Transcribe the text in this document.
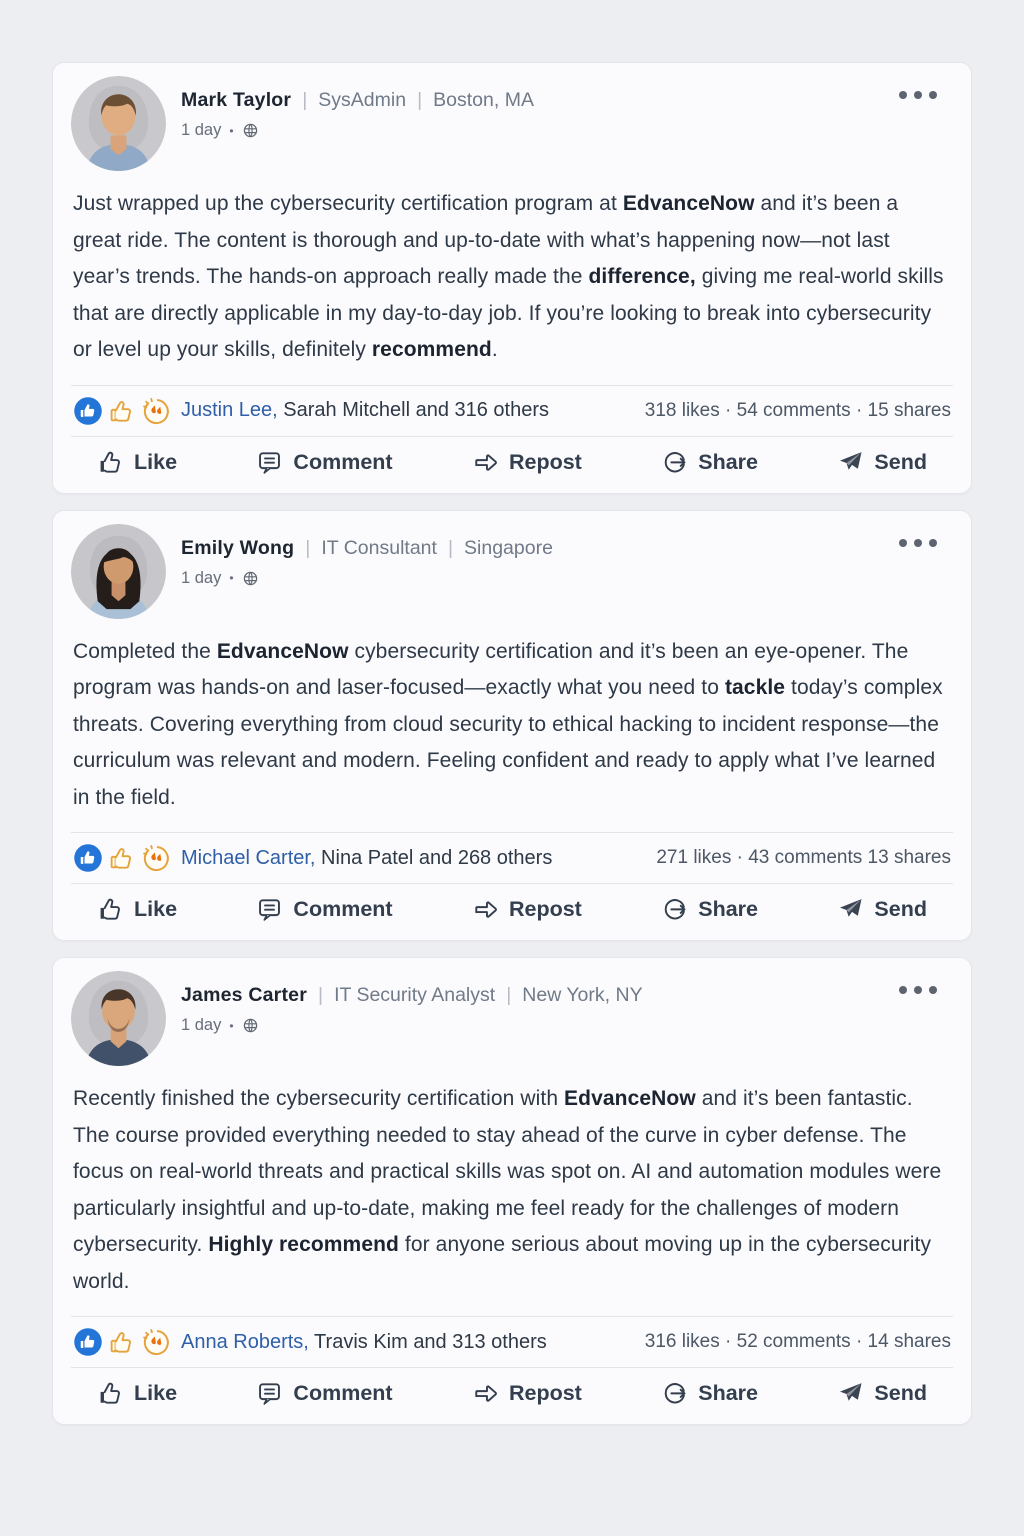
Mark Taylor | SysAdmin | Boston, MA
1 day •

Just wrapped up the cybersecurity certification program at EdvanceNow and it’s been a great ride. The content is thorough and up-to-date with what’s happening now—not last year’s trends. The hands-on approach really made the difference, giving me real-world skills that are directly applicable in my day-to-day job. If you’re looking to break into cybersecurity or level up your skills, definitely recommend.

Justin Lee, Sarah Mitchell and 316 others	318 likes · 54 comments · 15 shares
Like	Comment	Repost	Share	Send
Emily Wong | IT Consultant | Singapore
1 day •

Completed the EdvanceNow cybersecurity certification and it’s been an eye-opener. The program was hands-on and laser-focused—exactly what you need to tackle today’s complex threats. Covering everything from cloud security to ethical hacking to incident response—the curriculum was relevant and modern. Feeling confident and ready to apply what I’ve learned in the field.

Michael Carter, Nina Patel and 268 others	271 likes · 43 comments 13 shares
Like	Comment	Repost	Share	Send
James Carter | IT Security Analyst | New York, NY
1 day •

Recently finished the cybersecurity certification with EdvanceNow and it’s been fantastic. The course provided everything needed to stay ahead of the curve in cyber defense. The focus on real-world threats and practical skills was spot on. AI and automation modules were particularly insightful and up-to-date, making me feel ready for the challenges of modern cybersecurity. Highly recommend for anyone serious about moving up in the cybersecurity world.

Anna Roberts, Travis Kim and 313 others	316 likes · 52 comments · 14 shares
Like	Comment	Repost	Share	Send
